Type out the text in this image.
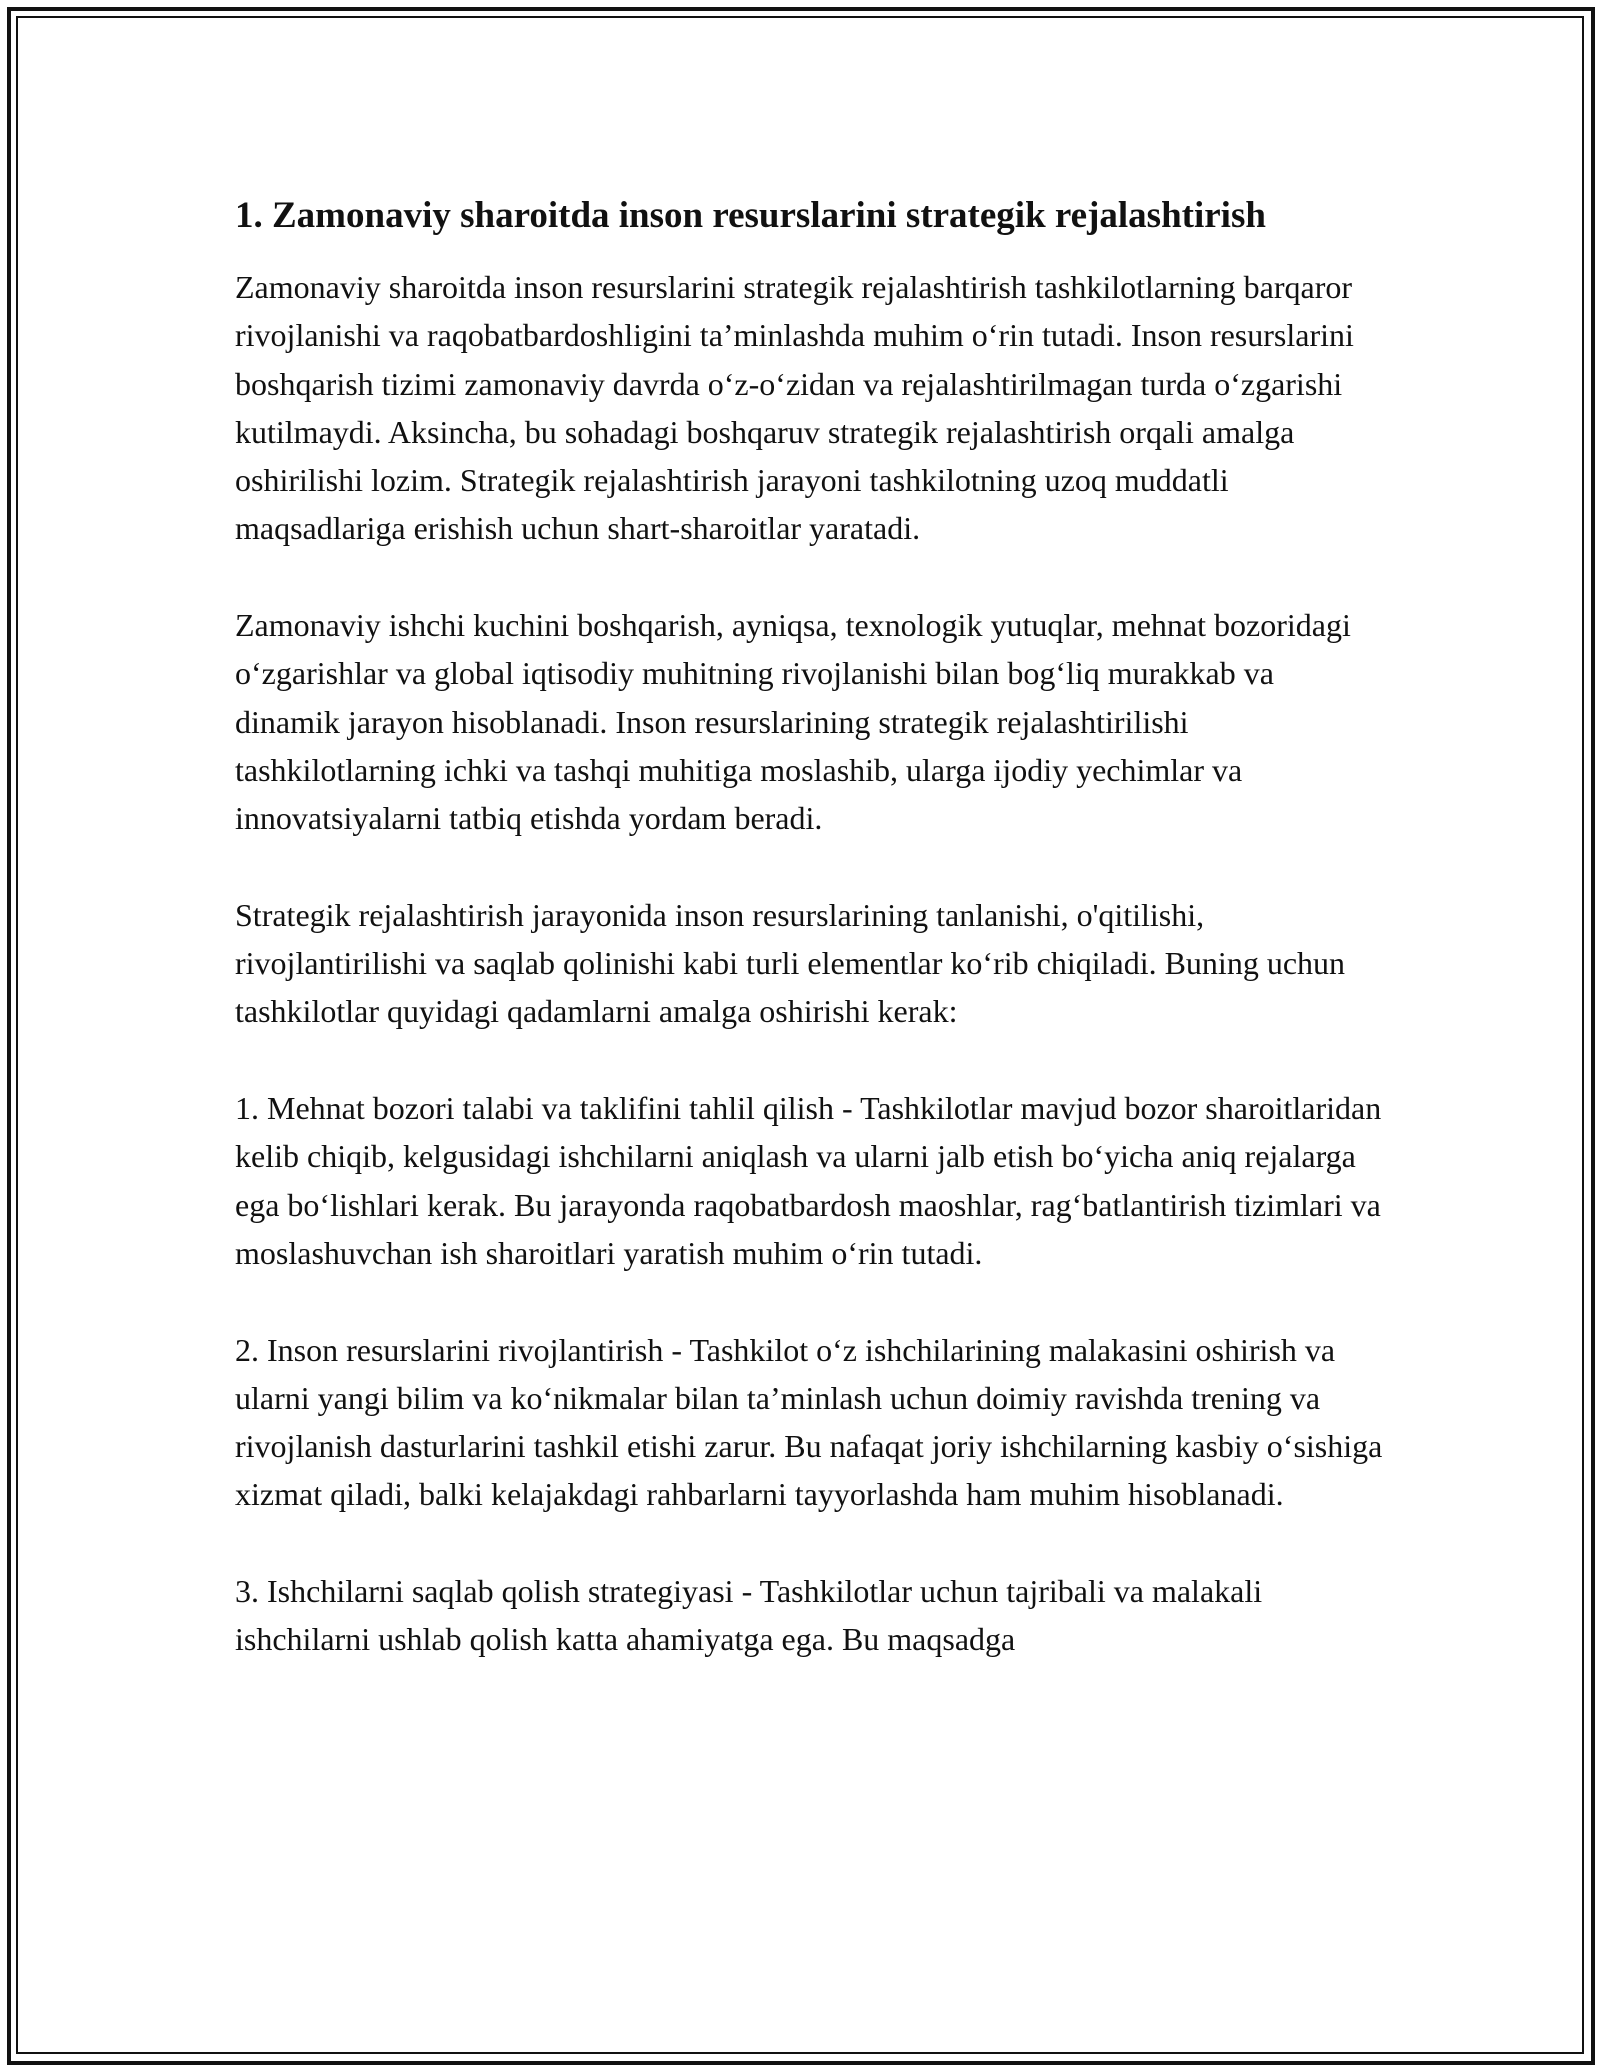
1. Zamonaviy sharoitda inson resurslarini strategik rejalashtirish

Zamonaviy sharoitda inson resurslarini strategik rejalashtirish tashkilotlarning barqaror rivojlanishi va raqobatbardoshligini ta’minlashda muhim o‘rin tutadi. Inson resurslarini boshqarish tizimi zamonaviy davrda o‘z-o‘zidan va rejalashtirilmagan turda o‘zgarishi kutilmaydi. Aksincha, bu sohadagi boshqaruv strategik rejalashtirish orqali amalga oshirilishi lozim. Strategik rejalashtirish jarayoni tashkilotning uzoq muddatli maqsadlariga erishish uchun shart-sharoitlar yaratadi.

Zamonaviy ishchi kuchini boshqarish, ayniqsa, texnologik yutuqlar, mehnat bozoridagi o‘zgarishlar va global iqtisodiy muhitning rivojlanishi bilan bog‘liq murakkab va dinamik jarayon hisoblanadi. Inson resurslarining strategik rejalashtirilishi tashkilotlarning ichki va tashqi muhitiga moslashib, ularga ijodiy yechimlar va innovatsiyalarni tatbiq etishda yordam beradi.

Strategik rejalashtirish jarayonida inson resurslarining tanlanishi, o'qitilishi, rivojlantirilishi va saqlab qolinishi kabi turli elementlar ko‘rib chiqiladi. Buning uchun tashkilotlar quyidagi qadamlarni amalga oshirishi kerak:

1. Mehnat bozori talabi va taklifini tahlil qilish - Tashkilotlar mavjud bozor sharoitlaridan kelib chiqib, kelgusidagi ishchilarni aniqlash va ularni jalb etish bo‘yicha aniq rejalarga ega bo‘lishlari kerak. Bu jarayonda raqobatbardosh maoshlar, rag‘batlantirish tizimlari va moslashuvchan ish sharoitlari yaratish muhim o‘rin tutadi.

2. Inson resurslarini rivojlantirish - Tashkilot o‘z ishchilarining malakasini oshirish va ularni yangi bilim va ko‘nikmalar bilan ta’minlash uchun doimiy ravishda trening va rivojlanish dasturlarini tashkil etishi zarur. Bu nafaqat joriy ishchilarning kasbiy o‘sishiga xizmat qiladi, balki kelajakdagi rahbarlarni tayyorlashda ham muhim hisoblanadi.

3. Ishchilarni saqlab qolish strategiyasi - Tashkilotlar uchun tajribali va malakali ishchilarni ushlab qolish katta ahamiyatga ega. Bu maqsadga
